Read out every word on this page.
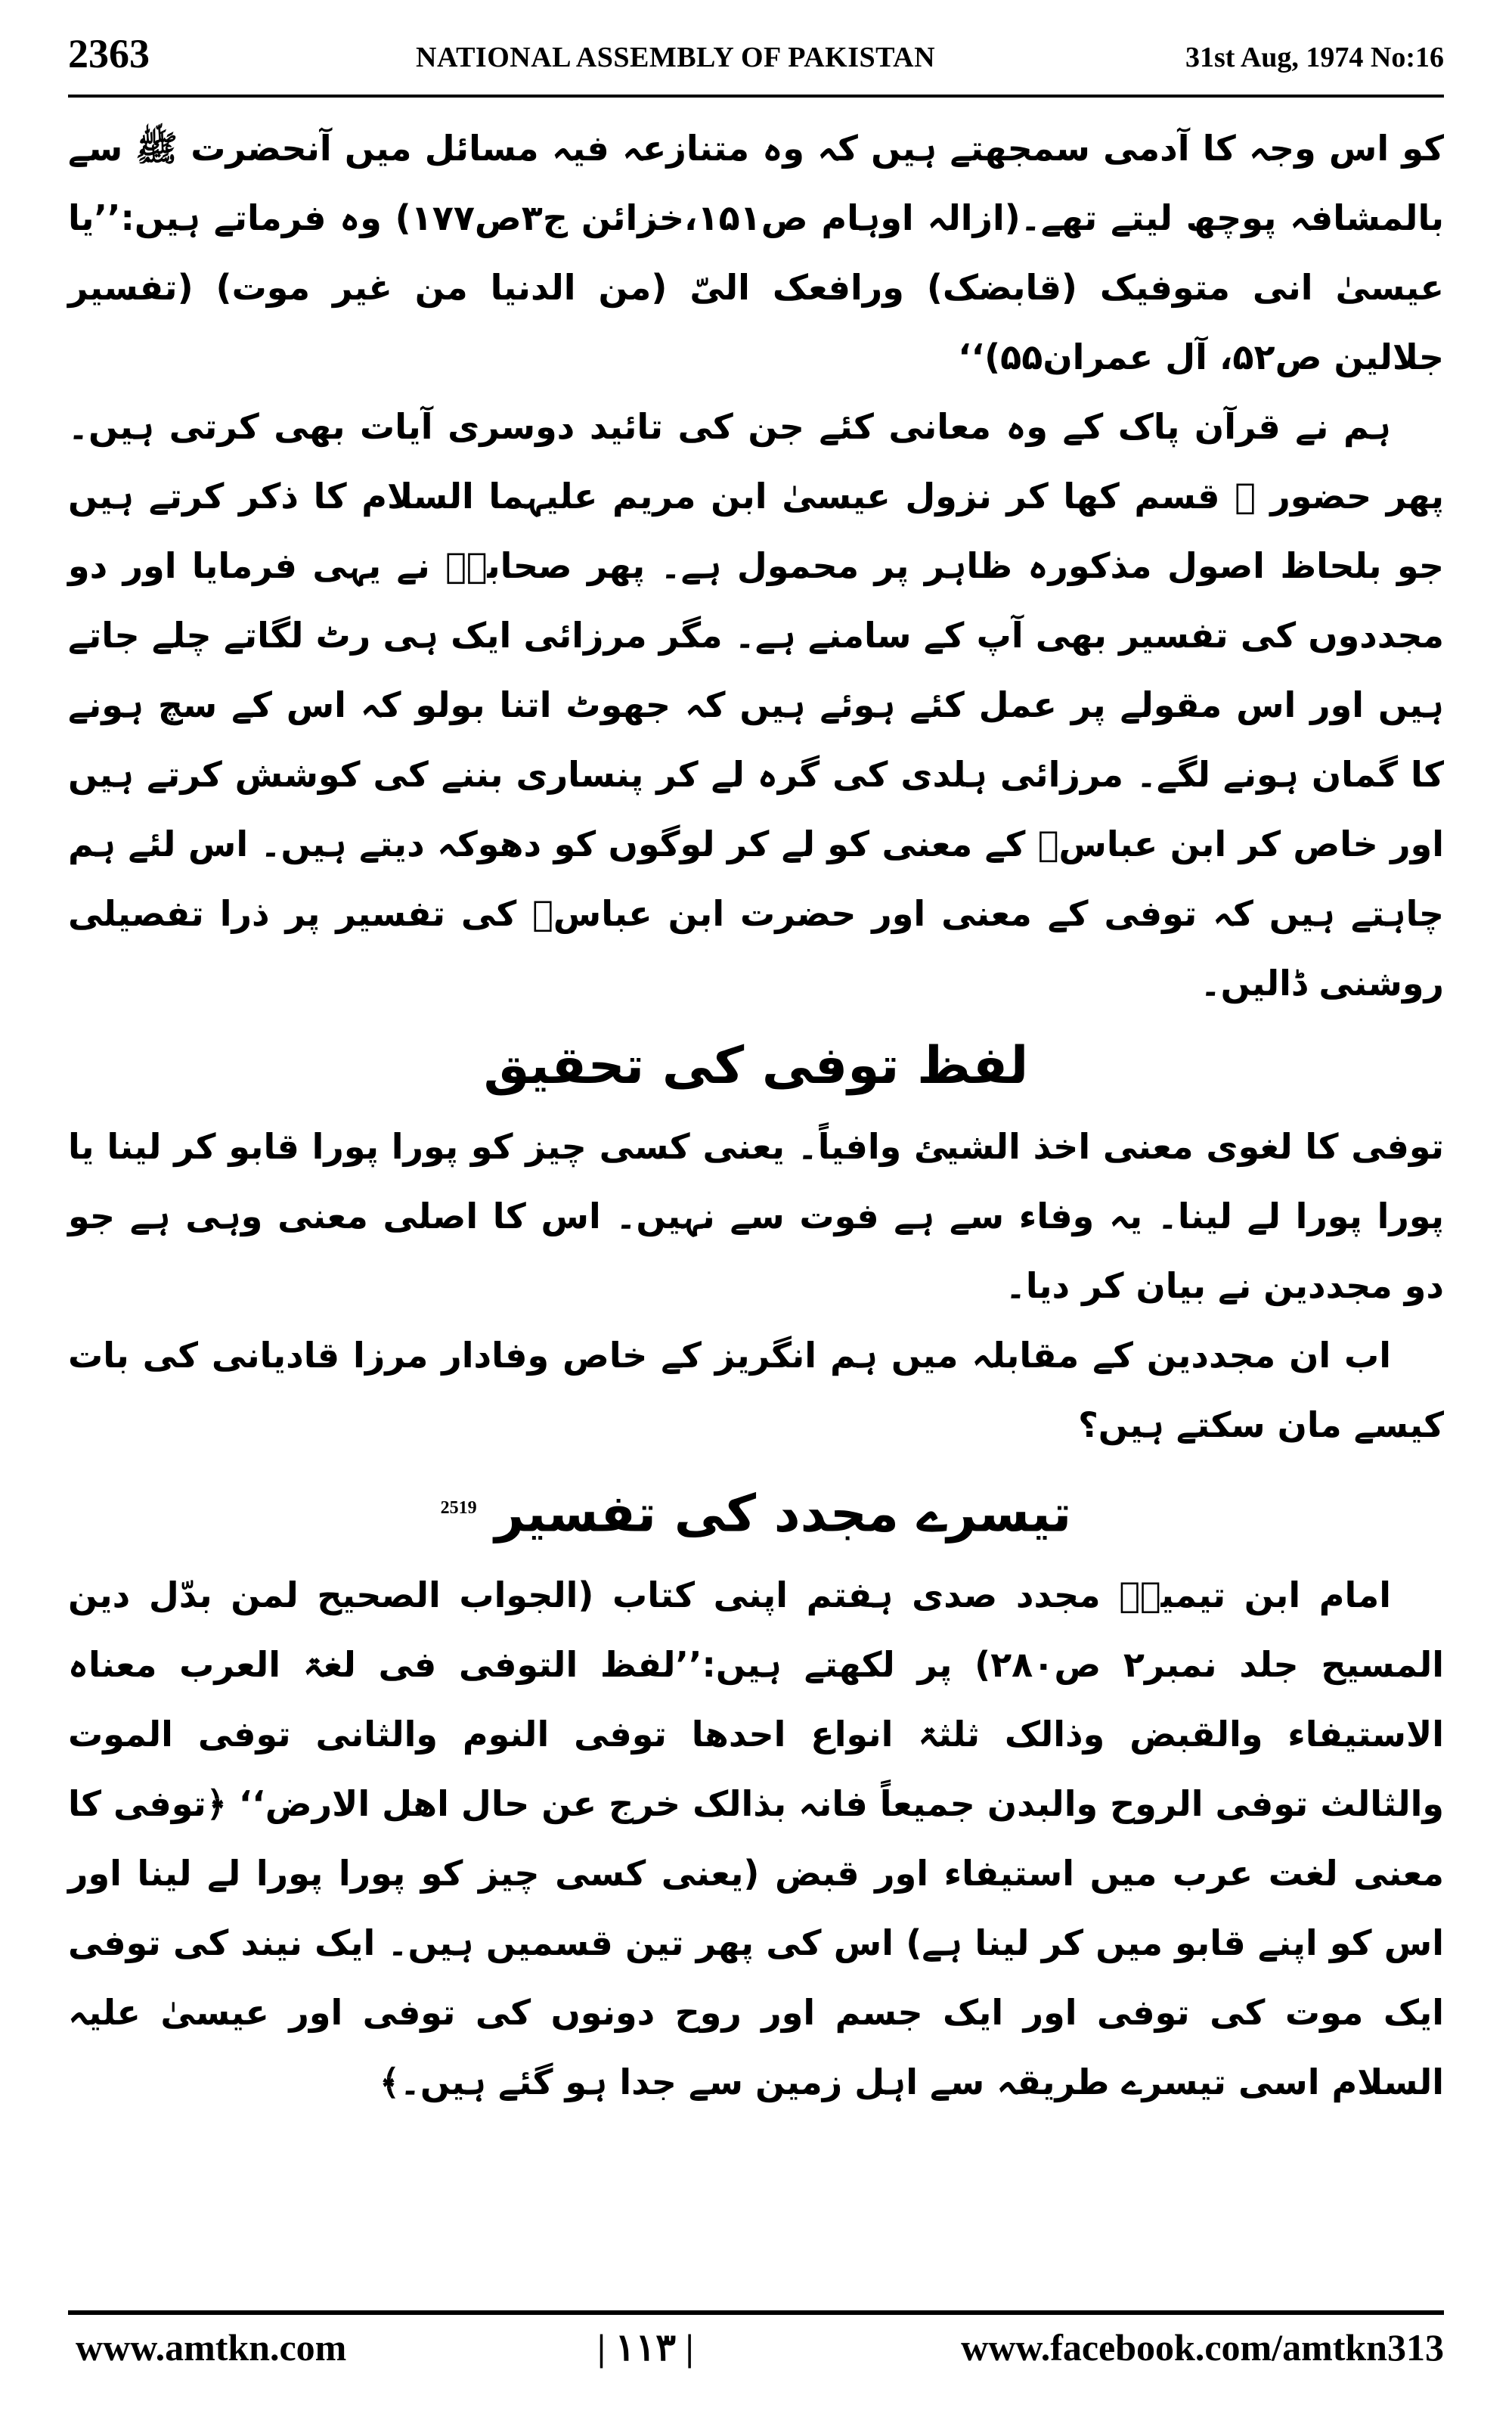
2363	NATIONAL ASSEMBLY OF PAKISTAN	31st Aug, 1974 No:16

کو اس وجہ کا آدمی سمجھتے ہیں کہ وہ متنازعہ فیہ مسائل میں آنحضرت ﷺ سے بالمشافہ پوچھ لیتے تھے۔(ازالہ اوہام ص۱۵۱،خزائن ج۳ص۱۷۷) وہ فرماتے ہیں:’’یا عیسیٰ انی متوفیک (قابضک) ورافعک الیّ (من الدنیا من غیر موت) (تفسیر جلالین ص۵۲، آل عمران۵۵)‘‘

ہم نے قرآن پاک کے وہ معانی کئے جن کی تائید دوسری آیات بھی کرتی ہیں۔ پھر حضور ﷺ قسم کھا کر نزول عیسیٰ ابن مریم علیہما السلام کا ذکر کرتے ہیں جو بلحاظ اصول مذکورہ ظاہر پر محمول ہے۔ پھر صحابہؓ نے یہی فرمایا اور دو مجددوں کی تفسیر بھی آپ کے سامنے ہے۔ مگر مرزائی ایک ہی رٹ لگاتے چلے جاتے ہیں اور اس مقولے پر عمل کئے ہوئے ہیں کہ جھوٹ اتنا بولو کہ اس کے سچ ہونے کا گمان ہونے لگے۔ مرزائی ہلدی کی گرہ لے کر پنساری بننے کی کوشش کرتے ہیں اور خاص کر ابن عباسؓ کے معنی کو لے کر لوگوں کو دھوکہ دیتے ہیں۔ اس لئے ہم چاہتے ہیں کہ توفی کے معنی اور حضرت ابن عباسؓ کی تفسیر پر ذرا تفصیلی روشنی ڈالیں۔

لفظ توفی کی تحقیق

توفی کا لغوی معنی اخذ الشیئ وافیاً۔ یعنی کسی چیز کو پورا پورا قابو کر لینا یا پورا پورا لے لینا۔ یہ وفاء سے ہے فوت سے نہیں۔ اس کا اصلی معنی وہی ہے جو دو مجددین نے بیان کر دیا۔

اب ان مجددین کے مقابلہ میں ہم انگریز کے خاص وفادار مرزا قادیانی کی بات کیسے مان سکتے ہیں؟

تیسرے مجدد کی تفسیر $^{2519}$

امام ابن تیمیہؒ مجدد صدی ہفتم اپنی کتاب (الجواب الصحیح لمن بدّل دین المسیح جلد نمبر۲ ص۲۸۰) پر لکھتے ہیں:’’لفظ التوفی فی لغۃ العرب معناہ الاستیفاء والقبض وذالک ثلثۃ انواع احدھا توفی النوم والثانی توفی الموت والثالث توفی الروح والبدن جمیعاً فانہ بذالک خرج عن حال اھل الارض‘‘ ﴿توفی کا معنی لغت عرب میں استیفاء اور قبض (یعنی کسی چیز کو پورا پورا لے لینا اور اس کو اپنے قابو میں کر لینا ہے) اس کی پھر تین قسمیں ہیں۔ ایک نیند کی توفی ایک موت کی توفی اور ایک جسم اور روح دونوں کی توفی اور عیسیٰ علیہ السلام اسی تیسرے طریقہ سے اہل زمین سے جدا ہو گئے ہیں۔﴾

www.amtkn.com	| ۱۱۳ |	www.facebook.com/amtkn313
